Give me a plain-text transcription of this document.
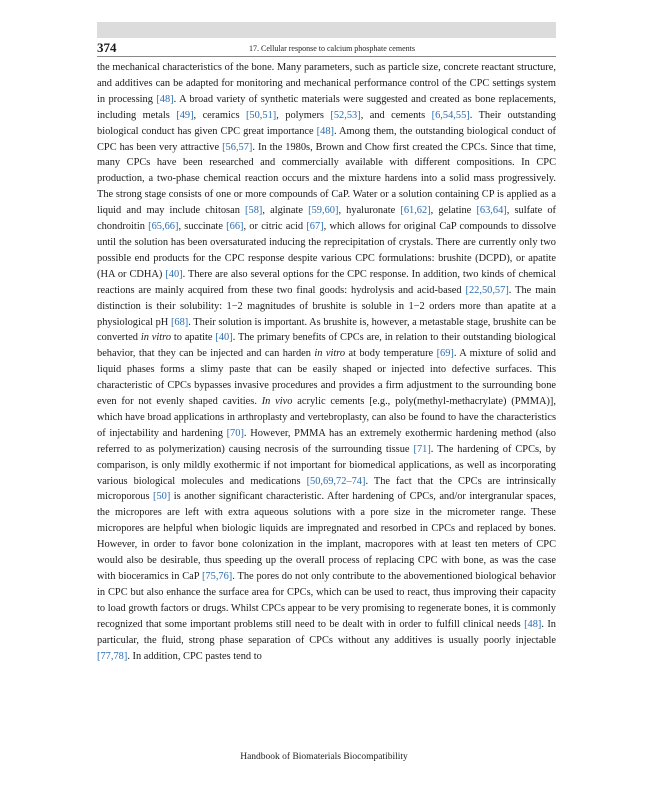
374	17. Cellular response to calcium phosphate cements

the mechanical characteristics of the bone. Many parameters, such as particle size, concrete reactant structure, and additives can be adapted for monitoring and mechanical performance control of the CPC settings system in processing [48]. A broad variety of synthetic materials were suggested and created as bone replacements, including metals [49], ceramics [50,51], polymers [52,53], and cements [6,54,55]. Their outstanding biological conduct has given CPC great importance [48]. Among them, the outstanding biological conduct of CPC has been very attractive [56,57]. In the 1980s, Brown and Chow first created the CPCs. Since that time, many CPCs have been researched and commercially available with different compositions. In CPC production, a two-phase chemical reaction occurs and the mixture hardens into a solid mass progressively. The strong stage consists of one or more compounds of CaP. Water or a solution containing CP is applied as a liquid and may include chitosan [58], alginate [59,60], hyaluronate [61,62], gelatine [63,64], sulfate of chondroitin [65,66], succinate [66], or citric acid [67], which allows for original CaP compounds to dissolve until the solution has been oversaturated inducing the reprecipitation of crystals. There are currently only two possible end products for the CPC response despite various CPC formulations: brushite (DCPD), or apatite (HA or CDHA) [40]. There are also several options for the CPC response. In addition, two kinds of chemical reactions are mainly acquired from these two final goods: hydrolysis and acid-based [22,50,57]. The main distinction is their solubility: 1−2 magnitudes of brushite is soluble in 1−2 orders more than apatite at a physiological pH [68]. Their solution is important. As brushite is, however, a metastable stage, brushite can be converted in vitro to apatite [40]. The primary benefits of CPCs are, in relation to their outstanding biological behavior, that they can be injected and can harden in vitro at body temperature [69]. A mixture of solid and liquid phases forms a slimy paste that can be easily shaped or injected into defective surfaces. This characteristic of CPCs bypasses invasive procedures and provides a firm adjustment to the surrounding bone even for not evenly shaped cavities. In vivo acrylic cements [e.g., poly(methyl-methacrylate) (PMMA)], which have broad applications in arthroplasty and vertebroplasty, can also be found to have the characteristics of injectability and hardening [70]. However, PMMA has an extremely exothermic hardening method (also referred to as polymerization) causing necrosis of the surrounding tissue [71]. The hardening of CPCs, by comparison, is only mildly exothermic if not important for biomedical applications, as well as incorporating various biological molecules and medications [50,69,72–74]. The fact that the CPCs are intrinsically microporous [50] is another significant characteristic. After hardening of CPCs, and/or intergranular spaces, the micropores are left with extra aqueous solutions with a pore size in the micrometer range. These micropores are helpful when biologic liquids are impregnated and resorbed in CPCs and replaced by bones. However, in order to favor bone colonization in the implant, macropores with at least ten meters of CPC would also be desirable, thus speeding up the overall process of replacing CPC with bone, as was the case with bioceramics in CaP [75,76]. The pores do not only contribute to the abovementioned biological behavior in CPC but also enhance the surface area for CPCs, which can be used to react, thus improving their capacity to load growth factors or drugs. Whilst CPCs appear to be very promising to regenerate bones, it is commonly recognized that some important problems still need to be dealt with in order to fulfill clinical needs [48]. In particular, the fluid, strong phase separation of CPCs without any additives is usually poorly injectable [77,78]. In addition, CPC pastes tend to

Handbook of Biomaterials Biocompatibility
